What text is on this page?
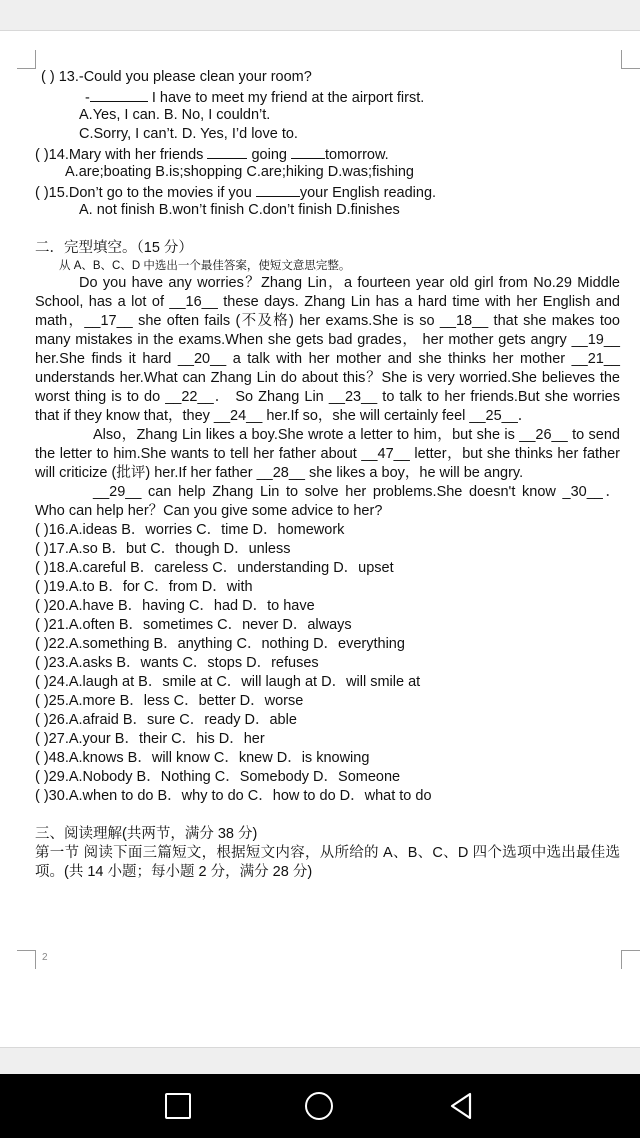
2
( ) 13.-Could you please clean your room?
-	I have to meet my friend at the airport first.
A.Yes, I can. B. No, I couldn’t.
C.Sorry, I can’t. D. Yes, I’d love to.
( )14.Mary with her friends	going tomorrow.
A.are;boating B.is;shopping C.are;hiking D.was;fishing
( )15.Don’t go to the movies if you	your English reading.
A. not finish B.won’t finish C.don’t finish D.finishes
二．完型填空。（15 分）
从 A、B、C、D 中选出一个最佳答案，使短文意思完整。
Do you have any worries？Zhang Lin，a fourteen year old girl from No.29 Middle School, has a lot of __16__ these days. Zhang Lin has a hard time with her English and math，__17__ she often fails (不及格) her exams.She is so __18__ that she makes too many mistakes in the exams.When she gets bad grades， her mother gets angry __19__ her.She finds it hard __20__ a talk with her mother and she thinks her mother __21__ understands her.What can Zhang Lin do about this？She is very worried.She believes the worst thing is to do __22__． So Zhang Lin __23__ to talk to her friends.But she worries that if they know that，they __24__ her.If so，she will certainly feel __25__．
Also，Zhang Lin likes a boy.She wrote a letter to him，but she is __26__ to send the letter to him.She wants to tell her father about __47__ letter，but she thinks her father will criticize (批评) her.If her father __28__ she likes a boy，he will be angry.
__29__ can help Zhang Lin to solve her problems.She doesn't know _30__． Who can help her？Can you give some advice to her?
( )16.A.ideas B．worries C．time D．homework
( )17.A.so B．but C．though D．unless
( )18.A.careful B．careless C．understanding D．upset
( )19.A.to B．for C．from D．with
( )20.A.have B．having C．had D．to have
( )21.A.often B．sometimes C．never D．always
( )22.A.something B．anything C．nothing D．everything
( )23.A.asks B．wants C．stops D．refuses
( )24.A.laugh at B．smile at C．will laugh at D．will smile at
( )25.A.more B．less C．better D．worse
( )26.A.afraid B．sure C．ready D．able
( )27.A.your B．their C．his D．her
( )48.A.knows B．will know C．knew D．is knowing
( )29.A.Nobody B．Nothing C．Somebody D．Someone
( )30.A.when to do B．why to do C．how to do D．what to do
三、阅读理解(共两节，满分 38 分)
第一节 阅读下面三篇短文，根据短文内容，从所给的 A、B、C、D 四个选项中选出最佳选项。(共 14 小题；每小题 2 分，满分 28 分)
